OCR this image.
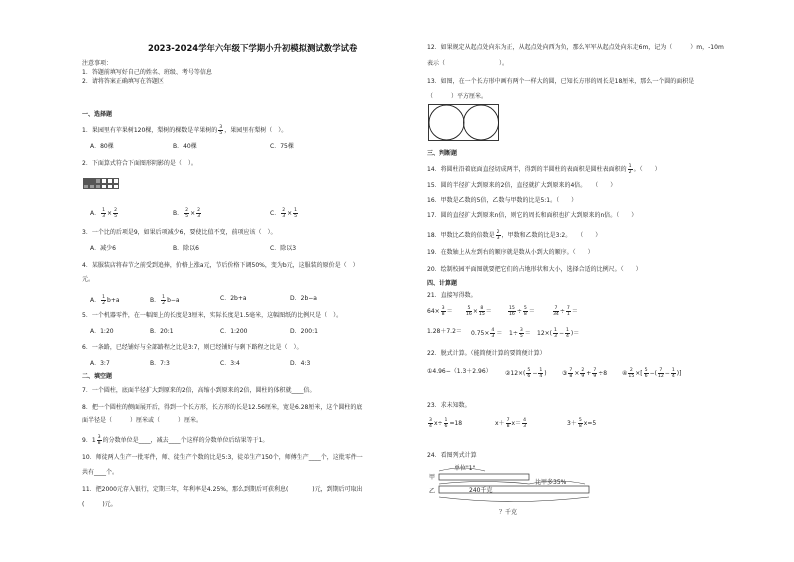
2023-2024学年六年级下学期小升初模拟测试数学试卷
注意事项：
1．答题前填写好自己的姓名、班级、考号等信息
2．请将答案正确填写在答题区
一、选择题
1．果园里有苹果树120棵，梨树的棵数是苹果树的 $\frac{3}{5}$ ，果园里有梨树（　）。
A．80棵	B．40棵	C．75棵
2．下面算式符合下面图形阴影的是（　）。
A． $\frac{1}{3} \times \frac{2}{5}$	B． $\frac{2}{5} \times \frac{2}{3}$	C． $\frac{2}{3} \times \frac{1}{5}$
3．一个比的后项是9，如果后项减少6，要使比值不变，前项应该（　）。
A．减少6	B．除以6	C．除以3
4．某服装店将春节之前受到追捧，价格上涨a元，节后价格下调50%，变为b元，这服装的原价是（　）
元。
A． $\frac{1}{2} b+a$	B． $\frac{1}{2} b-a$	C．2b+a	D．2b−a
5．一个机器零件，在一幅图上的长度是3厘米，实际长度是1.5毫米，这幅图纸的比例尺是（　）。
A．1:20	B．20:1	C．1:200	D．200:1
6．一条路，已经铺好与全部路程之比是3:7，则已经铺好与剩下路程之比是（　）。
A．3:7	B．7:3	C．3:4	D．4:3
二、填空题
7．一个圆柱，底面半径扩大到原来的2倍，高缩小到原来的2倍，圆柱的体积就____倍。
8．把一个圆柱的侧面展开后，得到一个长方形，长方形的长是12.56厘米，宽是6.28厘米，这个圆柱的底
面半径是（　　　）厘米或（　　　）厘米。
9．$1 \frac{3}{8}$ 的分数单位是____，减去____个这样的分数单位后结果等于1。
10．师徒两人生产一批零件，师、徒生产个数的比是5:3，徒弟生产150个，师傅生产____个，这批零件一
共有____个。
11．把2000元存入银行，定期三年，年利率是4.25%，那么到期后可获利息(　　　　)元，到期后可取出
(　　　)元。
12．如果规定从起点处向东为正，从起点处向西为负，那么军军从起点处向东走6m，记为（　　　）m，-10m
表示（　　　　　　　　　）。
13．如图，在一个长方形中画有两个一样大的圆，已知长方形的周长是18厘米，那么一个圆的面积是
（　　　）平方厘米。
三、判断题
14．将圆柱沿着底面直径切成两半，得到的半圆柱的表面积是圆柱表面积的 $\frac{1}{2}$ 。（　　）
15．圆的半径扩大到原来的2倍，直径就扩大到原来的4倍。　　（　　）
16．甲数是乙数的5倍，乙数与甲数的比是5:1。（　　）
17．圆的直径扩大到原来n倍，则它的周长和面积也扩大到原来的n倍。（　　）
18．甲数比乙数的倍数是 $\frac{2}{3}$ ，甲数和乙数的比是3:2。　　（　　）
19．在数轴上从左到右的顺序就是数从小到大的顺序。（　　）
20．绘制校园平面图就要把它们的占地形状和大小，选择合适的比例尺。（　　）
四、计算题
21．直接写得数。
$64\times \frac{3}{8}$ ＝	$\frac{5}{16} \times \frac{8}{15}$ ＝	$\frac{15}{16} \div \frac{5}{8}$ ＝	$\frac{7}{34} \div \frac{7}{1}$ ＝
$1.28+7.2= 0.75\times \frac{4}{3} = 1\div \frac{3}{5} = 12\times( \frac{1}{3} - \frac{1}{4}$ )＝
22．脱式计算。（能简便计算的要简便计算）
①4.96−（1.3＋2.96） ②12×( $\frac{5}{6} - \frac{1}{4}$ )	③ $\frac{7}{8} \times \frac{2}{9} + \frac{7}{9} \div 8$ ④ $\frac{2}{15}$ ×[ $\frac{5}{6}$ −( $\frac{7}{12} - \frac{1}{4}$ )]
23．求未知数。
$\frac{3}{4} x\div \frac{1}{6} =18$	$x+ \frac{7}{8} x= \frac{4}{3}$	$3+ \frac{5}{8} x=5$
24．看图列式计算
单位"1"
甲
乙	240千克
比甲多35%
？千克
